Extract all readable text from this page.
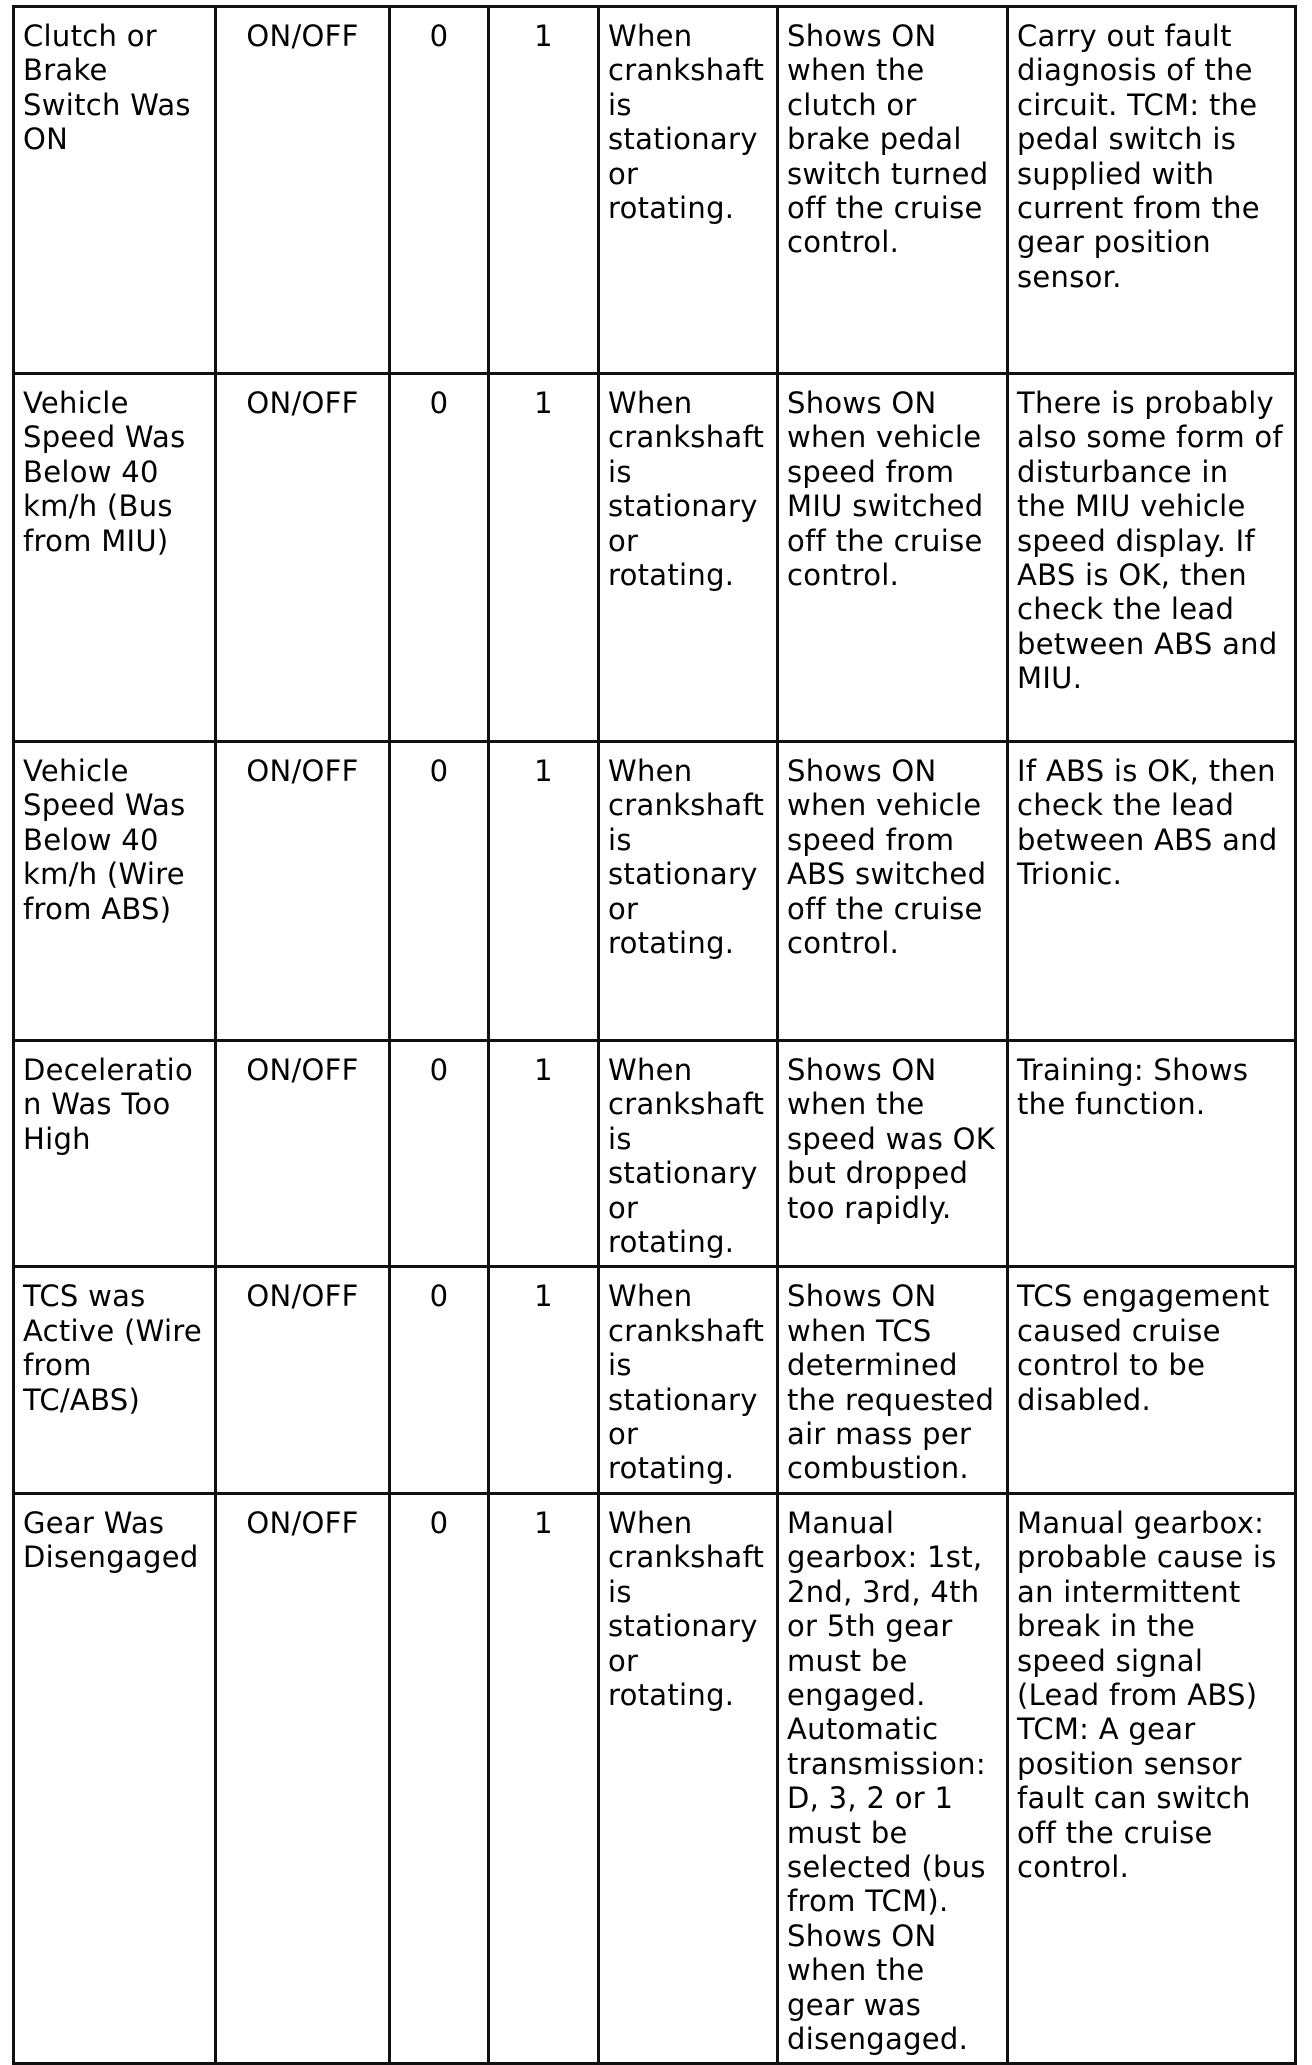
Clutch or Brake Switch Was ON	ON/OFF	0	1	When crankshaft is stationary or rotating.	Shows ON when the clutch or brake pedal switch turned off the cruise control.	Carry out fault diagnosis of the circuit. TCM: the pedal switch is supplied with current from the gear position sensor.
Vehicle Speed Was Below 40 km/h (Bus from MIU)	ON/OFF	0	1	When crankshaft is stationary or rotating.	Shows ON when vehicle speed from MIU switched off the cruise control.	There is probably also some form of disturbance in the MIU vehicle speed display. If ABS is OK, then check the lead between ABS and MIU.
Vehicle Speed Was Below 40 km/h (Wire from ABS)	ON/OFF	0	1	When crankshaft is stationary or rotating.	Shows ON when vehicle speed from ABS switched off the cruise control.	If ABS is OK, then check the lead between ABS and Trionic.
Deceleration Was Too High	ON/OFF	0	1	When crankshaft is stationary or rotating.	Shows ON when the speed was OK but dropped too rapidly.	Training: Shows the function.
TCS was Active (Wire from TC/ABS)	ON/OFF	0	1	When crankshaft is stationary or rotating.	Shows ON when TCS determined the requested air mass per combustion.	TCS engagement caused cruise control to be disabled.
Gear Was Disengaged	ON/OFF	0	1	When crankshaft is stationary or rotating.	Manual gearbox: 1st, 2nd, 3rd, 4th or 5th gear must be engaged. Automatic transmission: D, 3, 2 or 1 must be selected (bus from TCM). Shows ON when the gear was disengaged.	Manual gearbox: probable cause is an intermittent break in the speed signal (Lead from ABS) TCM: A gear position sensor fault can switch off the cruise control.
